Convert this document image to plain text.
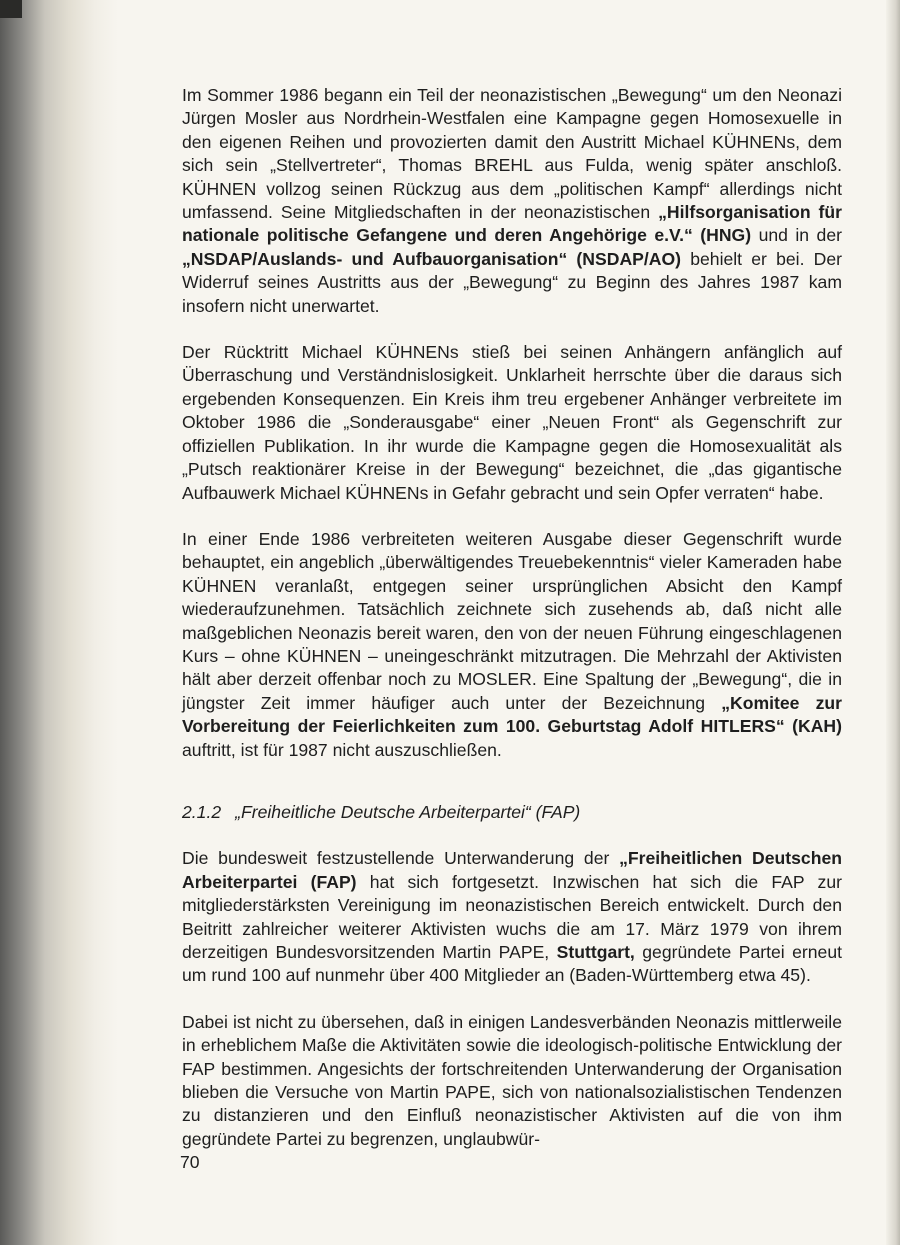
Im Sommer 1986 begann ein Teil der neonazistischen „Bewegung“ um den Neonazi Jürgen Mosler aus Nordrhein-Westfalen eine Kampagne gegen Homosexuelle in den eigenen Reihen und provozierten damit den Austritt Michael KÜHNENs, dem sich sein „Stellvertreter“, Thomas BREHL aus Fulda, wenig später anschloß. KÜHNEN vollzog seinen Rückzug aus dem „politischen Kampf“ allerdings nicht umfassend. Seine Mitgliedschaften in der neonazistischen „Hilfsorganisation für nationale politische Gefangene und deren Angehörige e.V.“ (HNG) und in der „NSDAP/Auslands- und Aufbauorganisation“ (NSDAP/AO) behielt er bei. Der Widerruf seines Austritts aus der „Bewegung“ zu Beginn des Jahres 1987 kam insofern nicht unerwartet.

Der Rücktritt Michael KÜHNENs stieß bei seinen Anhängern anfänglich auf Überraschung und Verständnislosigkeit. Unklarheit herrschte über die daraus sich ergebenden Konsequenzen. Ein Kreis ihm treu ergebener Anhänger verbreitete im Oktober 1986 die „Sonderausgabe“ einer „Neuen Front“ als Gegenschrift zur offiziellen Publikation. In ihr wurde die Kampagne gegen die Homosexualität als „Putsch reaktionärer Kreise in der Bewegung“ bezeichnet, die „das gigantische Aufbauwerk Michael KÜHNENs in Gefahr gebracht und sein Opfer verraten“ habe.

In einer Ende 1986 verbreiteten weiteren Ausgabe dieser Gegenschrift wurde behauptet, ein angeblich „überwältigendes Treuebekenntnis“ vieler Kameraden habe KÜHNEN veranlaßt, entgegen seiner ursprünglichen Absicht den Kampf wiederaufzunehmen. Tatsächlich zeichnete sich zusehends ab, daß nicht alle maßgeblichen Neonazis bereit waren, den von der neuen Führung eingeschlagenen Kurs – ohne KÜHNEN – uneingeschränkt mitzutragen. Die Mehrzahl der Aktivisten hält aber derzeit offenbar noch zu MOSLER. Eine Spaltung der „Bewegung“, die in jüngster Zeit immer häufiger auch unter der Bezeichnung „Komitee zur Vorbereitung der Feierlichkeiten zum 100. Geburtstag Adolf HITLERS“ (KAH) auftritt, ist für 1987 nicht auszuschließen.

2.1.2 „Freiheitliche Deutsche Arbeiterpartei“ (FAP)

Die bundesweit festzustellende Unterwanderung der „Freiheitlichen Deutschen Arbeiterpartei (FAP) hat sich fortgesetzt. Inzwischen hat sich die FAP zur mitgliederstärksten Vereinigung im neonazistischen Bereich entwickelt. Durch den Beitritt zahlreicher weiterer Aktivisten wuchs die am 17. März 1979 von ihrem derzeitigen Bundesvorsitzenden Martin PAPE, Stuttgart, gegründete Partei erneut um rund 100 auf nunmehr über 400 Mitglieder an (Baden-Württemberg etwa 45).

Dabei ist nicht zu übersehen, daß in einigen Landesverbänden Neonazis mittlerweile in erheblichem Maße die Aktivitäten sowie die ideologisch-politische Entwicklung der FAP bestimmen. Angesichts der fortschreitenden Unterwanderung der Organisation blieben die Versuche von Martin PAPE, sich von nationalsozialistischen Tendenzen zu distanzieren und den Einfluß neonazistischer Aktivisten auf die von ihm gegründete Partei zu begrenzen, unglaubwür-

70
